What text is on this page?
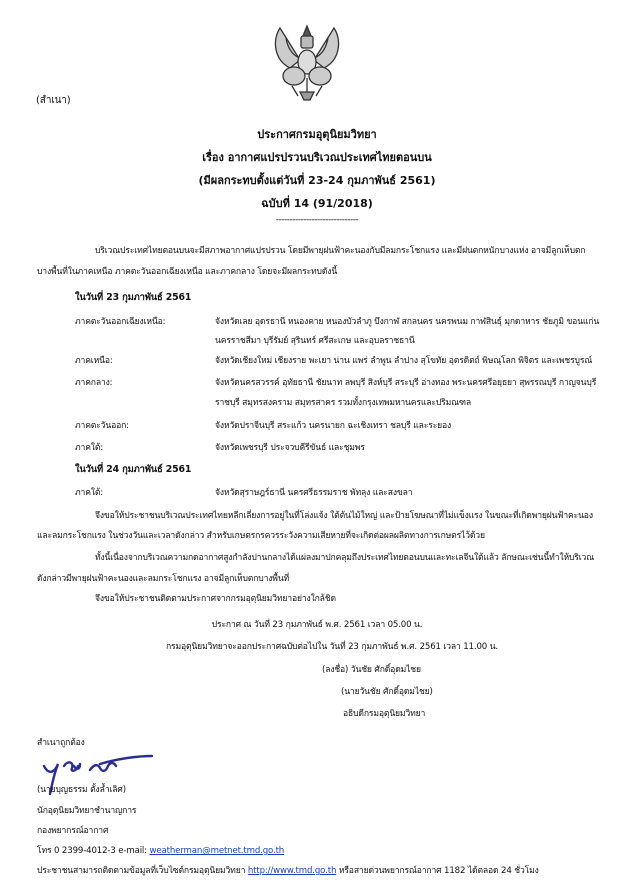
(สำเนา)
ประกาศกรมอุตุนิยมวิทยา
เรื่อง อากาศแปรปรวนบริเวณประเทศไทยตอนบน
(มีผลกระทบตั้งแต่วันที่ 23-24 กุมภาพันธ์ 2561)
ฉบับที่ 14 (91/2018)
------------------------------
บริเวณประเทศไทยตอนบนจะมีสภาพอากาศแปรปรวน โดยมีพายุฝนฟ้าคะนองกับมีลมกระโชกแรง และมีฝนตกหนักบางแห่ง อาจมีลูกเห็บตก
บางพื้นที่ในภาคเหนือ ภาคตะวันออกเฉียงเหนือ และภาคกลาง โดยจะมีผลกระทบดังนี้
ในวันที่ 23 กุมภาพันธ์ 2561
ภาคตะวันออกเฉียงเหนือ:	จังหวัดเลย อุดรธานี หนองคาย หนองบัวลำภู บึงกาฬ สกลนคร นครพนม กาฬสินธุ์ มุกดาหาร ชัยภูมิ ขอนแก่น
นครราชสีมา บุรีรัมย์ สุรินทร์ ศรีสะเกษ และอุบลราชธานี
ภาคเหนือ:	จังหวัดเชียงใหม่ เชียงราย พะเยา น่าน แพร่ ลำพูน ลำปาง สุโขทัย อุตรดิตถ์ พิษณุโลก พิจิตร และเพชรบูรณ์
ภาคกลาง:	จังหวัดนครสวรรค์ อุทัยธานี ชัยนาท ลพบุรี สิงห์บุรี สระบุรี อ่างทอง พระนครศรีอยุธยา สุพรรณบุรี กาญจนบุรี
ราชบุรี สมุทรสงคราม สมุทรสาคร รวมทั้งกรุงเทพมหานครและปริมณฑล
ภาคตะวันออก:	จังหวัดปราจีนบุรี สระแก้ว นครนายก ฉะเชิงเทรา ชลบุรี และระยอง
ภาคใต้:	จังหวัดเพชรบุรี ประจวบคีรีขันธ์ และชุมพร
ในวันที่ 24 กุมภาพันธ์ 2561
ภาคใต้:	จังหวัดสุราษฎร์ธานี นครศรีธรรมราช พัทลุง และสงขลา
จึงขอให้ประชาชนบริเวณประเทศไทยหลีกเลี่ยงการอยู่ในที่โล่งแจ้ง ใต้ต้นไม้ใหญ่ และป้ายโฆษณาที่ไม่แข็งแรง ในขณะที่เกิดพายุฝนฟ้าคะนอง
และลมกระโชกแรง ในช่วงวันและเวลาดังกล่าว สำหรับเกษตรกรควรระวังความเสียหายที่จะเกิดต่อผลผลิตทางการเกษตรไว้ด้วย
ทั้งนี้เนื่องจากบริเวณความกดอากาศสูงกำลังปานกลางได้แผ่ลงมาปกคลุมถึงประเทศไทยตอนบนและทะเลจีนใต้แล้ว ลักษณะเช่นนี้ทำให้บริเวณ
ดังกล่าวมีพายุฝนฟ้าคะนองและลมกระโชกแรง อาจมีลูกเห็บตกบางพื้นที่
จึงขอให้ประชาชนติดตามประกาศจากกรมอุตุนิยมวิทยาอย่างใกล้ชิด
ประกาศ ณ วันที่ 23 กุมภาพันธ์ พ.ศ. 2561 เวลา 05.00 น.
กรมอุตุนิยมวิทยาจะออกประกาศฉบับต่อไปใน วันที่ 23 กุมภาพันธ์ พ.ศ. 2561 เวลา 11.00 น.
(ลงชื่อ) วันชัย ศักดิ์อุดมไชย
(นายวันชัย ศักดิ์อุดมไชย)
อธิบดีกรมอุตุนิยมวิทยา
สำเนาถูกต้อง
(นายบุญธรรม ตั้งล้ำเลิศ)
นักอุตุนิยมวิทยาชำนาญการ
กองพยากรณ์อากาศ
โทร 0 2399-4012-3 e-mail: weatherman@metnet.tmd.go.th
ประชาชนสามารถติดตามข้อมูลที่เว็บไซต์กรมอุตุนิยมวิทยา http://www.tmd.go.th หรือสายด่วนพยากรณ์อากาศ 1182 ได้ตลอด 24 ชั่วโมง
